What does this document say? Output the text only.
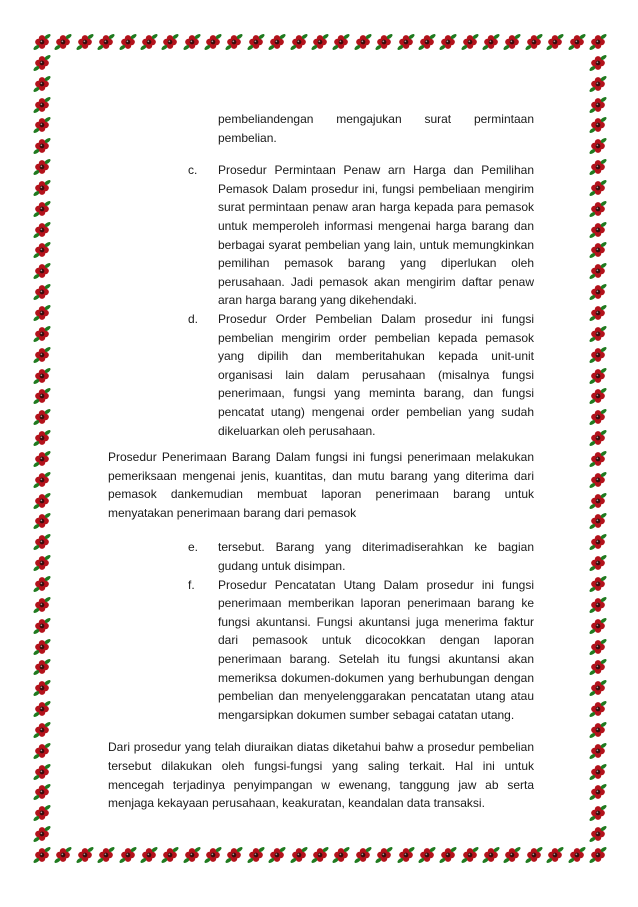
pembeliandengan mengajukan surat permintaan pembelian.

c. Prosedur Permintaan Penaw arn Harga dan Pemilihan Pemasok Dalam prosedur ini, fungsi pembeliaan mengirim surat permintaan penaw aran harga kepada para pemasok untuk memperoleh informasi mengenai harga barang dan berbagai syarat pembelian yang lain, untuk memungkinkan pemilihan pemasok barang yang diperlukan oleh perusahaan. Jadi pemasok akan mengirim daftar penaw aran harga barang yang dikehendaki.

d. Prosedur Order Pembelian Dalam prosedur ini fungsi pembelian mengirim order pembelian kepada pemasok yang dipilih dan memberitahukan kepada unit-unit organisasi lain dalam perusahaan (misalnya fungsi penerimaan, fungsi yang meminta barang, dan fungsi pencatat utang) mengenai order pembelian yang sudah dikeluarkan oleh perusahaan.

Prosedur Penerimaan Barang Dalam fungsi ini fungsi penerimaan melakukan pemeriksaan mengenai jenis, kuantitas, dan mutu barang yang diterima dari pemasok dankemudian membuat laporan penerimaan barang untuk menyatakan penerimaan barang dari pemasok

e. tersebut. Barang yang diterimadiserahkan ke bagian gudang untuk disimpan.

f. Prosedur Pencatatan Utang Dalam prosedur ini fungsi penerimaan memberikan laporan penerimaan barang ke fungsi akuntansi. Fungsi akuntansi juga menerima faktur dari pemasook untuk dicocokkan dengan laporan penerimaan barang. Setelah itu fungsi akuntansi akan memeriksa dokumen-dokumen yang berhubungan dengan pembelian dan menyelenggarakan pencatatan utang atau mengarsipkan dokumen sumber sebagai catatan utang.

Dari prosedur yang telah diuraikan diatas diketahui bahw a prosedur pembelian tersebut dilakukan oleh fungsi-fungsi yang saling terkait. Hal ini untuk mencegah terjadinya penyimpangan w ewenang, tanggung jaw ab serta menjaga kekayaan perusahaan, keakuratan, keandalan data transaksi.
